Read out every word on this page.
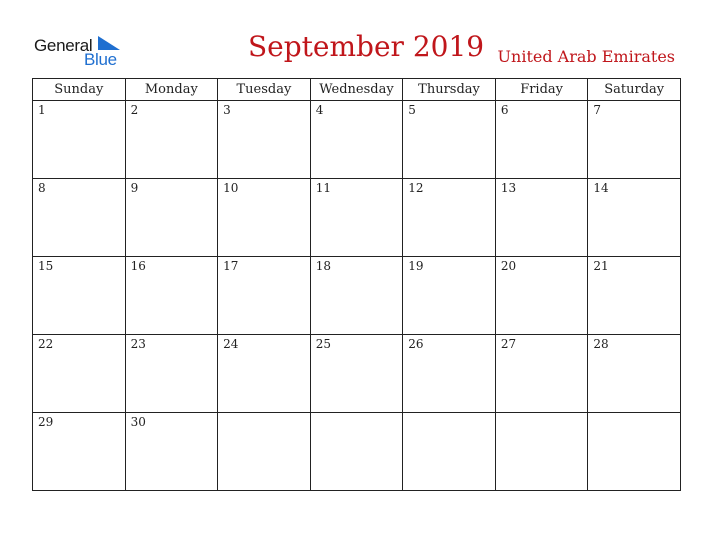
General
Blue	September 2019 United Arab Emirates
Sunday	Monday	Tuesday	Wednesday	Thursday	Friday	Saturday

1	2	3	4	5	6	7

8	9	10	11	12	13	14

15	16	17	18	19	20	21

22	23	24	25	26	27	28

29	30					
